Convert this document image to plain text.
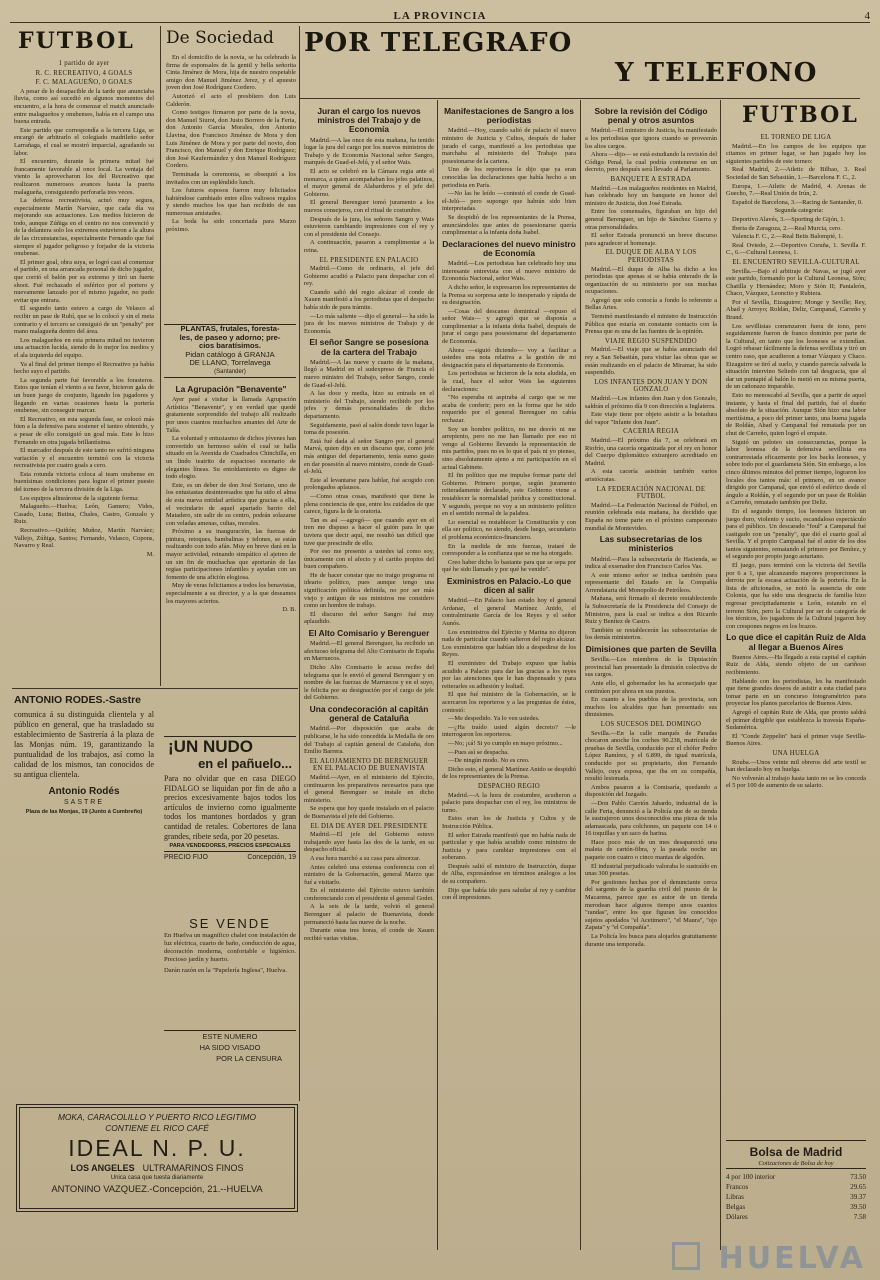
LA PROVINCIA	4
FUTBOL
1 partido de ayer
R. C. RECREATIVO, 4 GOALS
F. C. MALAGUEÑO, 0 GOALS

A pesar de lo desapacible de la tarde que anunciaba lluvia, como así sucedió en algunos momentos del encuentro, a la hora de comenzar el match anunciado entre malagueños y onubenses, había en el campo una buena entrada.

Este partido que correspondía a la tercera Liga, se encargó de arbitrarlo el colegiado madrileño señor Larrañaga, el cual se mostró imparcial, agradando su labor.

El encuentro, durante la primera mitad fué francamente favorable al once local. La ventaja del viento la aprovecharon los del Recreativo que realizaron numerosos avances hasta la puerta malagueña, consiguiendo perforarla tres veces.

La defensa recreativista, actuó muy segura, especialmente Martín Narváez, que cada día va mejorando sus actuaciones. Los medios hicieron de todo, aunque Zúñiga en el centro no nos convenció y de la delantera solo los extremos estuvieron a la altura de las circunstancias, especialmente Fernando que fué siempre el jugador peligroso y forjador de la victoria onubense.

El primer goal, obra suya, se logró casi al comenzar el partido, en una arrancada personal de dicho jugador, que corrió el balón por su extremo y tiró un fuerte shoot. Fué rechazado el esférico por el portero y nuevamente lanzado por el mismo jugador, no pudo evitar que entrara.

El segundo tanto estuvo a cargo de Velasco al recibir un pase de Rubí, que se lo colocó y sin el meta contrario y el tercero se consiguió de un "penalty" por mano malagueña dentro del área.

Los malagueños en esta primera mitad no tuvieron una actuación lucida, siendo de lo mejor los medios y el ala izquierda del equipo.

Ya al final del primer tiempo el Recreativo ya había hecho suyo el partido.

La segunda parte fué favorable a los forasteros. Estos que tenían el viento a su favor, hicieron gala de un buen juego de conjunto, ligando los jugadores y llegando en varias ocasiones hasta la portería onubense, sin conseguir marcar.

El Recreativo, en esta segunda fase, se colocó más bien a la defensiva para sostener el tanteo obtenido, y a pesar de ello consiguió un goal más. Este lo hizo Fernando en otra jugada brillantísima.

El marcador después de este tanto no sufrió ninguna variación y el encuentro terminó con la victoria recreativista por cuatro goals a cero.

Esta rotunda victoria coloca al team onubense en buenísimas condiciones para lograr el primer puesto del torneo de la tercera división de la Liga.

Los equipos alineáronse de la siguiente forma:

Malagueño.—Huelva; León, Gamero; Vides, Casado, Luna; Butina, Chales, Castro, Gonzalo y Ruiz.

Recreativo.—Quiñón; Muñoz, Martín Narváez; Vallejo, Zúñiga, Santos; Fernando, Velasco, Copons, Navarro y Real.

M.

ANTONIO RODES.-Sastre
comunica á su distinguida clientela y al público en general, que ha trasladado su establecimiento de Sastrería á la plaza de las Monjas núm. 19, garantizando la puntualidad de los trabajos, así como la calidad de los mismos, tan conocidos de su antigua clientela.
Antonio Rodés
SASTRE
Plaza de las Monjas, 19 (Junto á Cumbreño)
De Sociedad

En el domicilio de la novia, se ha celebrado la firma de esponsales de la gentil y bella señorita Cinta Jiménez de Mora, hija de nuestro respetable amigo don Manuel Jiménez Jerez, y el apuesto joven don José Rodríguez Cordero.

Autorizó el acto el presbítero don Luis Calderón.

Como testigos firmaron por parte de la novia, don Manuel Siurot, don Justo Borrero de la Feria, don Antonio García Morales, don Antonio Llavina, don Francisco Jiménez de Mora y don Luis Jiménez de Mora y por parte del novio, don Francisco, don Manuel y don Enrique Rodríguez; don José Kaufermández y don Manuel Rodríguez Cordero.

Terminada la ceremonia, se obsequió a los invitados con un espléndido lunch.

Los futuros esposos fueron muy felicitados habiéndose cambiado entre ellos valiosos regalos y siendo muchos los que han recibido de sus numerosas amistades.

La boda ha sido concertada para Marzo próximo.

PLANTAS, frutales, foresta-
les, de paseo y adorno; pre-
cios baratísimos.
Pidan catálogo á GRANJA
DE LLANO, Torrelavega
(Santander)
La Agrupación "Benavente"

Ayer pasé a visitar la llamada Agrupación Artística "Benavente", y en verdad que quedé gratamente sorprendido del trabajo allí realizado por unos cuantos muchachos amantes del Arte de Talía.

La voluntad y entusiasmo de dichos jóvenes han convertido un hermoso salón el cual se halla situado en la Avenida de Cuadrados Chinchilla, en un lindo teatrito de espacioso escenario de elegantes líneas. Su entoldamiento es digno de todo elogio.

Este, es un deber de don José Soriano, uno de los entusiastas desinteresados que ha sido el alma de esta nueva entidad artística que gracias a ella, el vecindario de aquel apartado barrio del Matadero, sin salir de su centro, podrán solazarse con veladas amenas, cultas, morales.

Próximo a su inauguración, las fuerzas de pintura, retoques, bambalinas y telones, se están realizando con todo afán. Muy en breve dará en la mayor actividad, reinando simpático el ajetreo de un sin fin de muchachas que aportarán de las regias participaciones infantiles y ayudan con un fomento de una afición elogiosa.

Muy de veras felicitamos a todos los benavistas, especialmente a su director, y a la que deseamos los mayores aciertos.

D. B.

¡UN NUDO
en el pañuelo...
Para no olvidar que en casa DIEGO FIDALGO se liquidan por fin de año a precios excesivamente bajos todos los artículos de invierno como igualmente todos los mantones bordados y gran cantidad de retales. Cobertores de lana grandes, ribete seda, por 20 pesetas.
PARA VENDEDORES, PRECIOS ESPECIALES
PRECIO FIJO	Concepción, 19
SE VENDE
En Huelva un magnífico chalet con instalación de luz eléctrica, cuarto de baño, conducción de agua, decoración moderna, confortable e higiénico. Precioso jardín y huerto.
Darán razón en la "Papelería Inglesa", Huelva.
ESTE NUMERO
HA SIDO VISADO
POR LA CENSURA
MOKA, CARACOLILLO Y PUERTO RICO LEGITIMO
CONTIENE EL RICO CAFÉ
IDEAL N. P. U.
LOS ANGELES ULTRAMARINOS FINOS
Unica casa que tuesta diariamente
ANTONINO VAZQUEZ.-Concepción, 21.--HUELVA
POR TELEGRAFO
Y TELEFONO
Juran el cargo los nuevos ministros del Trabajo y de Economía

Madrid.—A las once de esta mañana, ha tenido lugar la jura del cargo por los nuevos ministros de Trabajo y de Economía Nacional señor Sangro, marqués de Guad-el-Jelú, y el señor Wais.

El acto se celebró en la Cámara regia ante el monarca, a quien acompañaban los jefes palatinos, el mayor general de Alabarderos y el jefe del Gobierno.

El general Berenguer tomó juramento a los nuevos consejeros, con el ritual de costumbre.

Después de la jura, los señores Sangro y Wais estuvieron cambiando impresiones con el rey y con el presidente del Consejo.

A continuación, pasaron a cumplimentar a la reina.

EL PRESIDENTE EN PALACIO

Madrid.—Como de ordinario, el jefe del Gobierno acudió a Palacio para despachar con el rey.

Cuando salió del regio alcázar el conde de Xauen manifestó a los periodistas que el despacho había sido de pura trámite.

—Lo más saliente —dijo el general— ha sido la jura de los nuevos ministros de Trabajo y de Economía.

El señor Sangre se posesiona de la cartera del Trabajo

Madrid.—A las nueve y cuarto de la mañana, llegó a Madrid en el sudexpreso de Francia el nuevo ministro del Trabajo, señor Sangro, conde de Guad-el-Jelú.

A las doce y media, hizo su entrada en el ministerio del Trabajo, siendo recibido por los jefes y demás personalidades de dicho departamento.

Seguidamente, pasó al salón donde tuvo lugar la toma de posesión.

Está fué dada al señor Sangro por el general Marvá, quien dijo en un discurso que, como jefe más antiguo del departamento, tenía sumo gusto en dar posesión al nuevo ministro, conde de Guad-el-Jelú.

Este al levantarse para hablar, fué acogido con prolongados aplausos.

—Como otras cosas, manifestó que tiene la plena conciencia de que, entre los cuidados de que carece, figura la de la oratoria.

Tan es así —agregó— que cuando ayer en el tren me dispuso a hacer el guión para lo que tuviera que decir aquí, me resultó tan difícil que tuve que prescindir de ello.

Por eso me presento a ustedes tal como soy, únicamente con el afecto y el cariño propios del buen compañero.

He de hacer constar que no traigo programa ni ideario político, pues aunque tengo una significación política definida, no por ser más viejo y antiguo de sus ministros me considero como un hombre de trabajo.

El discurso del señor Sangro fué muy aplaudido.

El Alto Comisario y Berenguer

Madrid.—El general Berenguer, ha recibido un afectuoso telegrama del Alto Comisario de España en Marruecos.

Dicho Alto Comisario le acusa recibo del telegrama que le envió el general Berenguer y en nombre de las fuerzas de Marruecos y en el suyo, le felicita por su designación por el cargo de jefe del Gobierno.

Una condecoración al capitán general de Cataluña

Madrid.—Por disposición que acaba de publicarse, le ha sido concedida la Medalla de oro del Trabajo al capitán general de Cataluña, don Emilio Barrera.

EL ALOJAMIENTO DE BERENGUER EN EL PALACIO DE BUENAVISTA

Madrid.—Ayer, en el ministerio del Ejército, continuaron los preparativos necesarios para que el general Berenguer se instale en dicho ministerio.

Se espera que hoy quede instalado en el palacio de Buenavista el jefe del Gobierno.

EL DIA DE AYER DEL PRESIDENTE

Madrid.—El jefe del Gobierno estuvo trabajando ayer hasta las dos de la tarde, en su despacho oficial.

A esa hora marchó a su casa para almorzar.

Antes celebró una extensa conferencia con el ministro de la Gobernación, general Marzo que fué a visitarlo.

En el ministerio del Ejército estuvo también conferenciando con el presidente el general Godet.

A la seis de la tarde, volvió el general Berenguer al palacio de Buenavista, donde permaneció hasta las nueve de la noche.

Durante estas tres horas, el conde de Xauen recibió varias visitas.

Manifestaciones de Sangro a los periodistas

Madrid.—Hoy, cuando salió de palacio el nuevo ministro de Justicia y Cultos, después de haber jurado el cargo, manifestó a los periodistas que marchaba al ministerio del Trabajo para posesionarse de la cartera.

Uno de los reporteros le dijo que ya eran conocidas las declaraciones que había hecho a un periodista en París.

—No las he leído —contestó el conde de Guad-el-Jelú— pero supongo que habrán sido bien interpretadas.

Se despidió de los representantes de la Prensa, anunciándoles que antes de posesionarse quería cumplimentar a la infanta doña Isabel.

Declaraciones del nuevo ministro de Economía

Madrid.—Los periodistas han celebrado hoy una interesante entrevista con el nuevo ministro de Economía Nacional, señor Wais.

A dicho señor, le expresaron los representantes de la Prensa su sorpresa ante lo inesperado y rápida de su designación.

—Cosas del descanso dominical —repuso el señor Wais— y agregó que se disponía a cumplimentar a la infanta doña Isabel, después de jurar el cargo para posesionarse del departamento de Economía.

Ahora —siguió diciendo— voy a facilitar a ustedes una nota relativa a la gestión de mi designación para el departamento de Economía.

Los periodistas se hicieron de la nota aludida, en la cual, hace el señor Wais las siguientes declaraciones:

"No esperaba ni aspiraba al cargo que se me acaba de conferir; pero en la forma que he sido requerido por el general Berenguer no cabía rechazar.

Soy un hombre político, no me desvío ni me arrepiento, pero no me han llamado por eso ni vengo al Gobierno llevando la representación de mis partidos, pues no es lo que el país ni yo pienso, sino absolutamente ajeno a mi participación en el actual Gabinete.

El fin político que me impulse formar parte del Gobierno. Primero porque, según juramento reiteradamente declarado, este Gobierno viene a restablecer la normalidad jurídica y constitucional. Y segundo, porque no voy a un ministerio político en el sentido normal de la palabra.

Lo esencial es restablecer la Constitución y con ella ser político, no siendo, desde luego, secundario el problema económico-financiero.

En la medida de mis fuerzas, trataré de corresponder a la confianza que se me ha otorgado.

Creo haber dicho lo bastante para que se sepa por qué he sido llamado y por qué he venido".

Exministros en Palacio.-Lo que dicen al salir

Madrid.—En Palacio han estado hoy el general Ardanaz, el general Martínez Anido, el contralmirante García de los Reyes y el señor Aunós.

Los exministros del Ejército y Marina no dijeron nada de particular cuando salieron del regio alcázar. Los exministros que habían ido a despedirse de los Reyes.

El exministro del Trabajo expuso que había acudido a Palacio para dar las gracias a los reyes por las atenciones que le han dispensado y para reiterarles su adhesión y lealtad.

El que fué ministro de la Gobernación, se le acercaron los reporteros y a las preguntas de éstos, contestó:

—Me despedido. Ya lo ven ustedes.

—¿Ha traído usted algún decreto? —le interrogaron los reporteros.

—No; ¡cá! Si yo cumplo en mayo próximo...

—Pues así se despacha.

—De ningún modo. No es creo.

Dicho esto, el general Martínez Anido se despidió de los representantes de la Prensa.

DESPACHO REGIO

Madrid.—A la hora de costumbre, acudieron a palacio para despachar con el rey, los ministros de turno.

Estos eran los de Justicia y Cultos y de Instrucción Pública.

El señor Estrada manifestó que no había nada de particular y que había acudido como ministro de Justicia y para cambiar impresiones con el soberano.

Después salió el ministro de Instrucción, duque de Alba, expresándose en términos análogos a los de su compañero.

Dijo que había ido para saludar al rey y cambiar con él impresiones.

Sobre la revisión del Código penal y otros asuntos

Madrid.—El ministro de Justicia, ha manifestado a los periodistas que ignora cuando se proveerán los altos cargos.

Ahora —dijo— se está estudiando la revisión del Código Penal, la cual podría contenerse en un decreto, pero después será llevado al Parlamento.

BANQUETE A ESTRADA

Madrid.—Los malagueños residentes en Madrid, han celebrado hoy un banquete en honor del ministro de Justicia, don José Estrada.

Entre los comensales, figuraban un hijo del general Berenguer, un hijo de Sánchez Guerra y otras personalidades.

El señor Estrada pronunció un breve discurso para agradecer el homenaje.

EL DUQUE DE ALBA Y LOS PERIODISTAS

Madrid.—El duque de Alba ha dicho a los periodistas que apenas si se había enterado de la organización de su ministerio por sus muchas ocupaciones.

Agregó que solo conocía a fondo lo referente a Bellas Artes.

Terminó manifestando el ministro de Instrucción Pública que estaría en constante contacto con la Prensa que es una de las fuentes de la opinión.

VIAJE REGIO SUSPENDIDO

Madrid.—El viaje que se había anunciado del rey a San Sebastián, para visitar las obras que se están realizando en el palacio de Miramar, ha sido suspendido.

LOS INFANTES DON JUAN Y DON GONZALO

Madrid.—Los infantes don Juan y don Gonzalo, saldrán el próximo día 9 con dirección a Inglaterra.

Este viaje tiene por objeto asistir a la botadura del vapor "Infante don Juan".

CACERIA REGIA

Madrid.—El próximo día 7, se celebrará en Riofrío, una cacería organizada por el rey en honor del Cuerpo diplomático extranjero acreditado en Madrid.

A esta cacería asistirán también varios aristócratas.

LA FEDERACIÓN NACIONAL DE FUTBOL

Madrid.—La Federación Nacional de Fútbol, en reunión celebrada esta mañana, ha decidido que España no tome parte en el próximo campeonato mundial de Montevideo.

Las subsecretarias de los ministerios

Madrid.—Para la subsecretaría de Hacienda, se indica al exsenador don Francisco Carlos Vas.

A este mismo señor se indica también para representante del Estado en la Compañía Arrendataria del Monopolio de Petróleos.

Mañana, será firmado el decreto restableciendo la Subsecretaría de la Presidencia del Consejo de Ministros, para la cual se indica a don Ricardo Ruiz y Benítez de Castro.

También se restablecerán las subsecretarías de los demás ministerios.

Dimisiones que parten de Sevilla

Sevilla.—Los miembros de la Diputación provincial han presentado la dimisión colectiva de sus cargos.

Ante ello, el gobernador les ha aconsejado que continúen por ahora en sus puestos.

En cuanto a los pueblos de la provincia, son muchos los alcaldes que han presentado sus dimisiones.

LOS SUCESOS DEL DOMINGO

Sevilla.—En la calle marqués de Paradas chocaron anoche los coches 90.238, matrícula de pruebas de Sevilla, conducido por el chófer Pedro López Ramírez, y el 6.899, de igual matrícula, conducido por su propietario, don Fernando Vallejo, cuya esposa, que iba en su compañía, resultó lesionada.

Ambos pasaron a la Comisaría, quedando a disposición del Juzgado.

—Don Pablo Carrión Jabardo, industrial de la calle Feria, denunció a la Policía que de su tienda le sustrajeron unos desconocidos una pieza de tela adamascada, para colchones, un paquete con 14 o 16 toquillas y un saco de harina.

Hace poco más de un mes desapareció una maleta de cartón-fibra, y la pasada noche un paquete con cuatro o cinco mantas de algodón.

El industrial perjudicado valoraba lo sustraído en unas 300 pesetas.

Por gestiones hechas por el denunciante cerca del sargento de la guardia civil del puesto de la Macarena, parece que es autor de un tienda merodean hace algunos tiempo unos cuantos "randas", entre los que figuran los conocidos sujetos apodados "el Acetimero", "el Maura", "ojo Zapata" y "el Compañía".

La Policía los busca para alojarlos gratuitamente durante una temporada.

FUTBOL
EL TORNEO DE LIGA

Madrid.—En los campos de los equipos que citamos en primer lugar, se han jugado hoy los siguientes partidos de este torneo:

Real Madrid, 2.—Atletic de Bilbao, 3. Real Sociedad de San Sebastián, 1.—Barcelona F. C., 2.

Europa, 1.—Atletic de Madrid, 4. Arenas de Guecho, 7.—Real Unión de Irún, 2.

Español de Barcelona, 3.—Racing de Santander, 0.

Segunda categoría:

Deportivo Alavés, 3.—Sporting de Gijón, 1.

Iberia de Zaragoza, 2.—Real Murcia, cero.

Valencia F. C., 2.—Real Betis Balompié, 1.

Real Oviedo, 2.—Deportivo Coruña, 1. Sevilla F. C., 6.—Cultural Leonesa, 1.

EL ENCUENTRO SEVILLA-CULTURAL

Sevilla.—Bajo el arbitraje de Navas, se jugó ayer este partido, formando por la Cultural Leonesa, Sión; Chatilla y Hernández; Moro y Sión II; Pantaleón, Chaco, Vázquez, Leoncito y Rubiera.

Por el Sevilla, Eizaguirre; Monge y Seville; Rey, Abad y Arroyo; Roldán, Deliz, Campanal, Carreño y Brand.

Los sevillistas comenzaron fuera de tono, pero seguidamente fueron de franco dominio por parte de la Cultural, en tanto que los leoneses se extendían. Logró rebasar fácilmente la defensa sevillista y tiró un centro raso, que acudieron a tomar Vázquez y Chaco. Eizaguirre se tiró al suelo, y cuando parecía salvada la situación intervino Seliedo con tal desgracia, que al dar un puntapié al balón lo metió en su misma puerta, de un cañonazo imparable.

Esto no menoscabó al Sevilla, que a partir de aquel instante, y hasta el final del partido, fué el dueño absoluto de la situación. Aunque Sión hizo una labor meritísima, a poco del primer tanto, una buena jugada de Roldán, Abad y Campanal fué rematada por un chut de Carreño, quien logró el empate.

Siguió un peloteo sin consecuencias, porque la labor leonesa de la defensiva sevillista era contrarrestada eficazmente por los backs leoneses, y sobre todo por el guardameta Sión. Sin embargo, a los cinco últimos minutos del primer tiempo, lograron los locales dos tantos más: el primero, en un avance dirigido por Campanal, que envió el esférico desde el ángulo a Roldán, y el segundo por un pase de Roldán a Carreño, rematado también por Deliz.

En el segundo tiempo, los leoneses hicieron un juego duro, violento y sucio, escandaloso espectáculo para el público. Un descarado "foul" a Campanal fué castigado con un "penalty", que dió el cuarto goal al Sevilla. Y el propio Campanal fué el autor de los dos tantos siguientes, rematando el primero por Benítez, y el segundo por propio juego asturiano.

El juego, pues terminó con la victoria del Sevilla por 6 a 1, que alcanzando mayores proporciones la derrota por la escasa actuación de la portería. En la lista de aficionados, se notó la ausencia de este Colonia, que ha sido una desgracia de familia hizo regresar precipitadamente a León, estando en el terreno Sión, pero la Cultural por ser de categoría de los técnicos, los jugadores de la Cultural jugaron hoy con crespones negros en los brazos.

Lo que dice el capitán Ruiz de Alda al llegar a Buenos Aires

Buenos Aires.—Ha llegado a esta capital el capitán Ruiz de Alda, siendo objeto de un cariñoso recibimiento.

Hablando con los periodistas, les ha manifestado que tiene grandes deseos de asistir a esta ciudad para tomar parte en un concurso fotogramétrico para proyectar los planos parcelarios de Buenos Aires.

Agregó el capitán Ruiz de Alda, que pronto saldrá el primer dirigible que establezca la travesía España-Sudamérica.

El "Conde Zeppelin" hará el primer viaje Sevilla-Buenos Aires.

UNA HUELGA

Rouba.—Unos veinte mil obreros del arte textil se han declarado hoy en huelga.

No volverán al trabajo hasta tanto no se les conceda el 5 por 100 de aumento de su salario.

Bolsa de Madrid
Cotizaciones de Bolsa de hoy
4 por 100 interior	73.50
Francos	29.65
Libras	39.37
Belgas	39.50
Dólares	7.58
HUELVA
